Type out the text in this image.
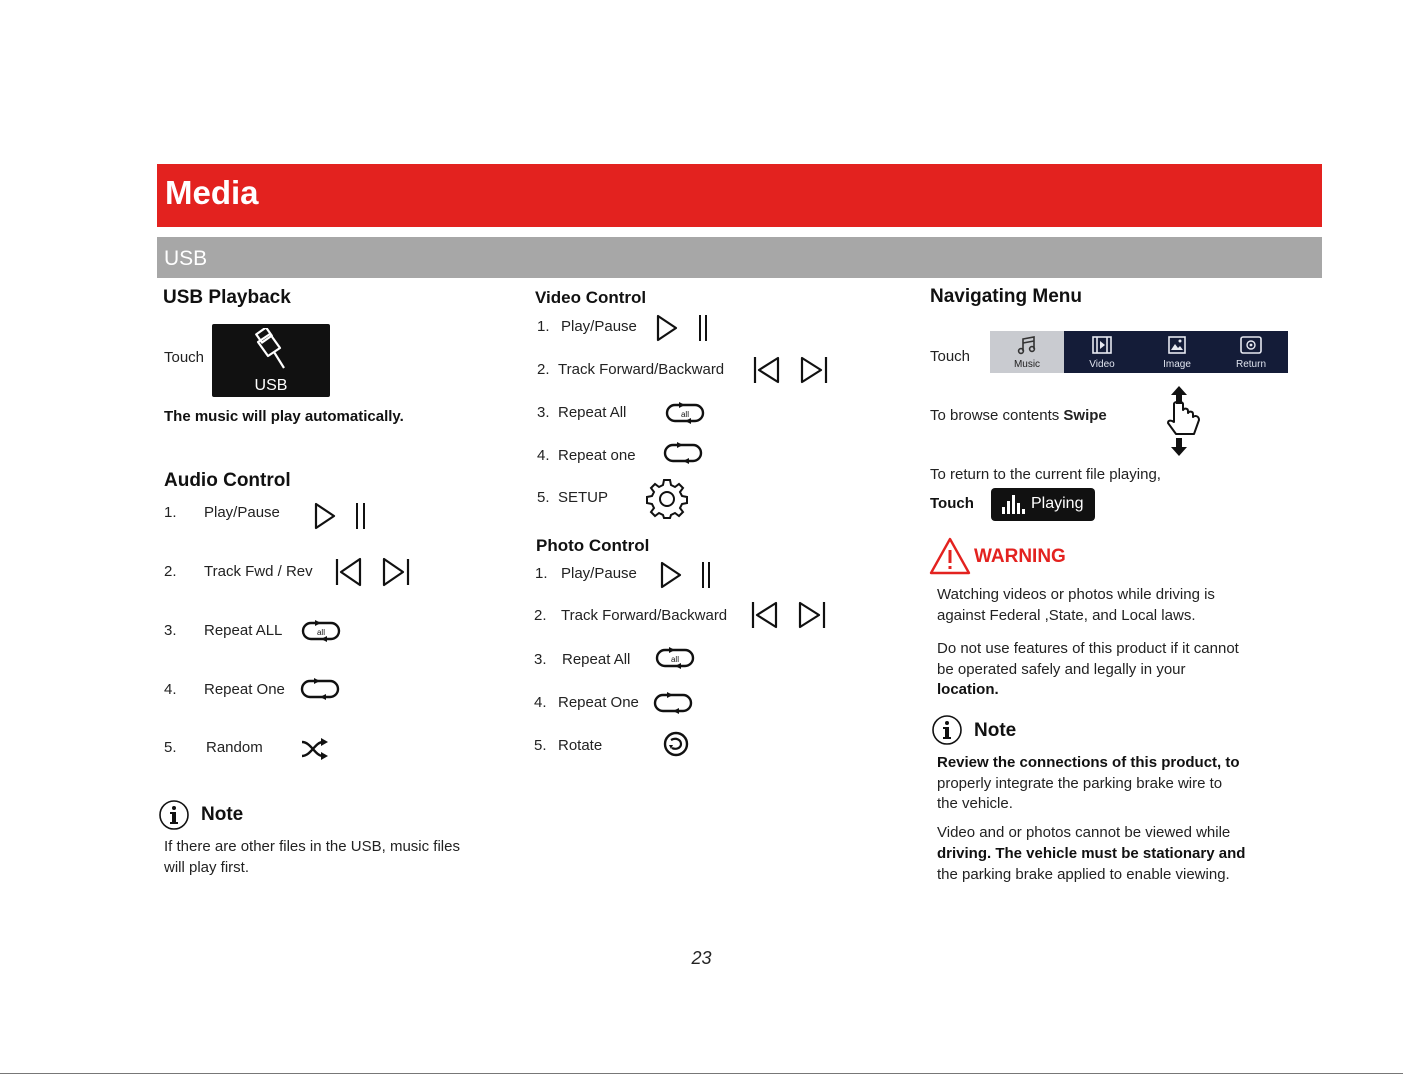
Media
USB
USB Playback
Touch
USB
The music will play automatically.
Audio Control
1. Play/Pause
2. Track Fwd / Rev
3. Repeat ALL	all
4. Repeat One
5. Random
Note
If there are other files in the USB, music files
will play first.
Video Control
1. Play/Pause
2. Track Forward/Backward
3. Repeat All	all
4. Repeat one
5. SETUP
Photo Control
1. Play/Pause
2. Track Forward/Backward
3. Repeat All	all
4. Repeat One
5. Rotate
Navigating Menu
Touch	Music	Video	Image	Return
To browse contents Swipe
To return to the current file playing,
Touch	Playing
WARNING
Watching videos or photos while driving is
against Federal ,State, and Local laws.
Do not use features of this product if it cannot
be operated safely and legally in your
location.
Note
Review the connections of this product, to
properly integrate the parking brake wire to
the vehicle.
Video and or photos cannot be viewed while
driving. The vehicle must be stationary and
the parking brake applied to enable viewing.
23
